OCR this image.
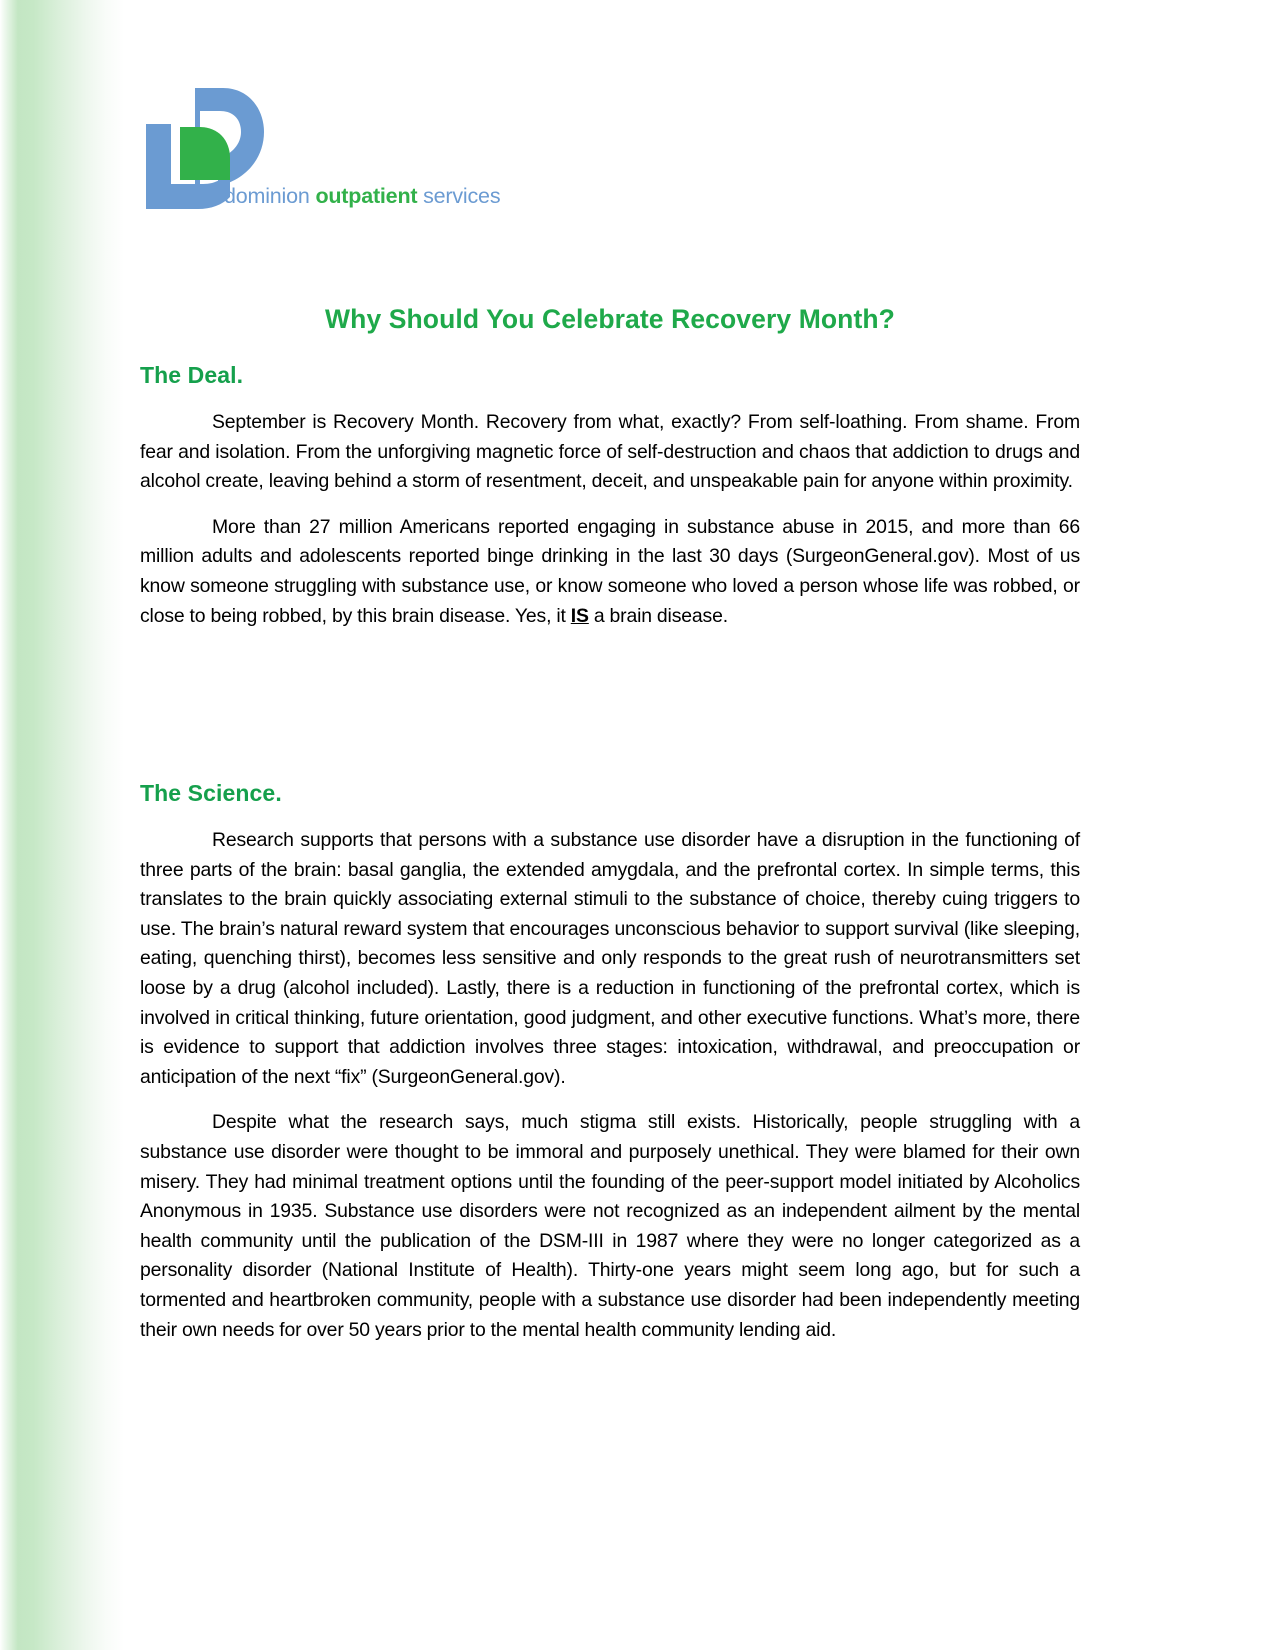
dominion outpatient services
Why Should You Celebrate Recovery Month?
The Deal.

September is Recovery Month. Recovery from what, exactly? From self-loathing. From shame. From fear and isolation. From the unforgiving magnetic force of self-destruction and chaos that addiction to drugs and alcohol create, leaving behind a storm of resentment, deceit, and unspeakable pain for anyone within proximity.

More than 27 million Americans reported engaging in substance abuse in 2015, and more than 66 million adults and adolescents reported binge drinking in the last 30 days (SurgeonGeneral.gov). Most of us know someone struggling with substance use, or know someone who loved a person whose life was robbed, or close to being robbed, by this brain disease. Yes, it IS a brain disease.

The Science.

Research supports that persons with a substance use disorder have a disruption in the functioning of three parts of the brain: basal ganglia, the extended amygdala, and the prefrontal cortex. In simple terms, this translates to the brain quickly associating external stimuli to the substance of choice, thereby cuing triggers to use. The brain’s natural reward system that encourages unconscious behavior to support survival (like sleeping, eating, quenching thirst), becomes less sensitive and only responds to the great rush of neurotransmitters set loose by a drug (alcohol included). Lastly, there is a reduction in functioning of the prefrontal cortex, which is involved in critical thinking, future orientation, good judgment, and other executive functions. What’s more, there is evidence to support that addiction involves three stages: intoxication, withdrawal, and preoccupation or anticipation of the next “fix” (SurgeonGeneral.gov).

Despite what the research says, much stigma still exists. Historically, people struggling with a substance use disorder were thought to be immoral and purposely unethical. They were blamed for their own misery. They had minimal treatment options until the founding of the peer-support model initiated by Alcoholics Anonymous in 1935. Substance use disorders were not recognized as an independent ailment by the mental health community until the publication of the DSM-III in 1987 where they were no longer categorized as a personality disorder (National Institute of Health). Thirty-one years might seem long ago, but for such a tormented and heartbroken community, people with a substance use disorder had been independently meeting their own needs for over 50 years prior to the mental health community lending aid.
